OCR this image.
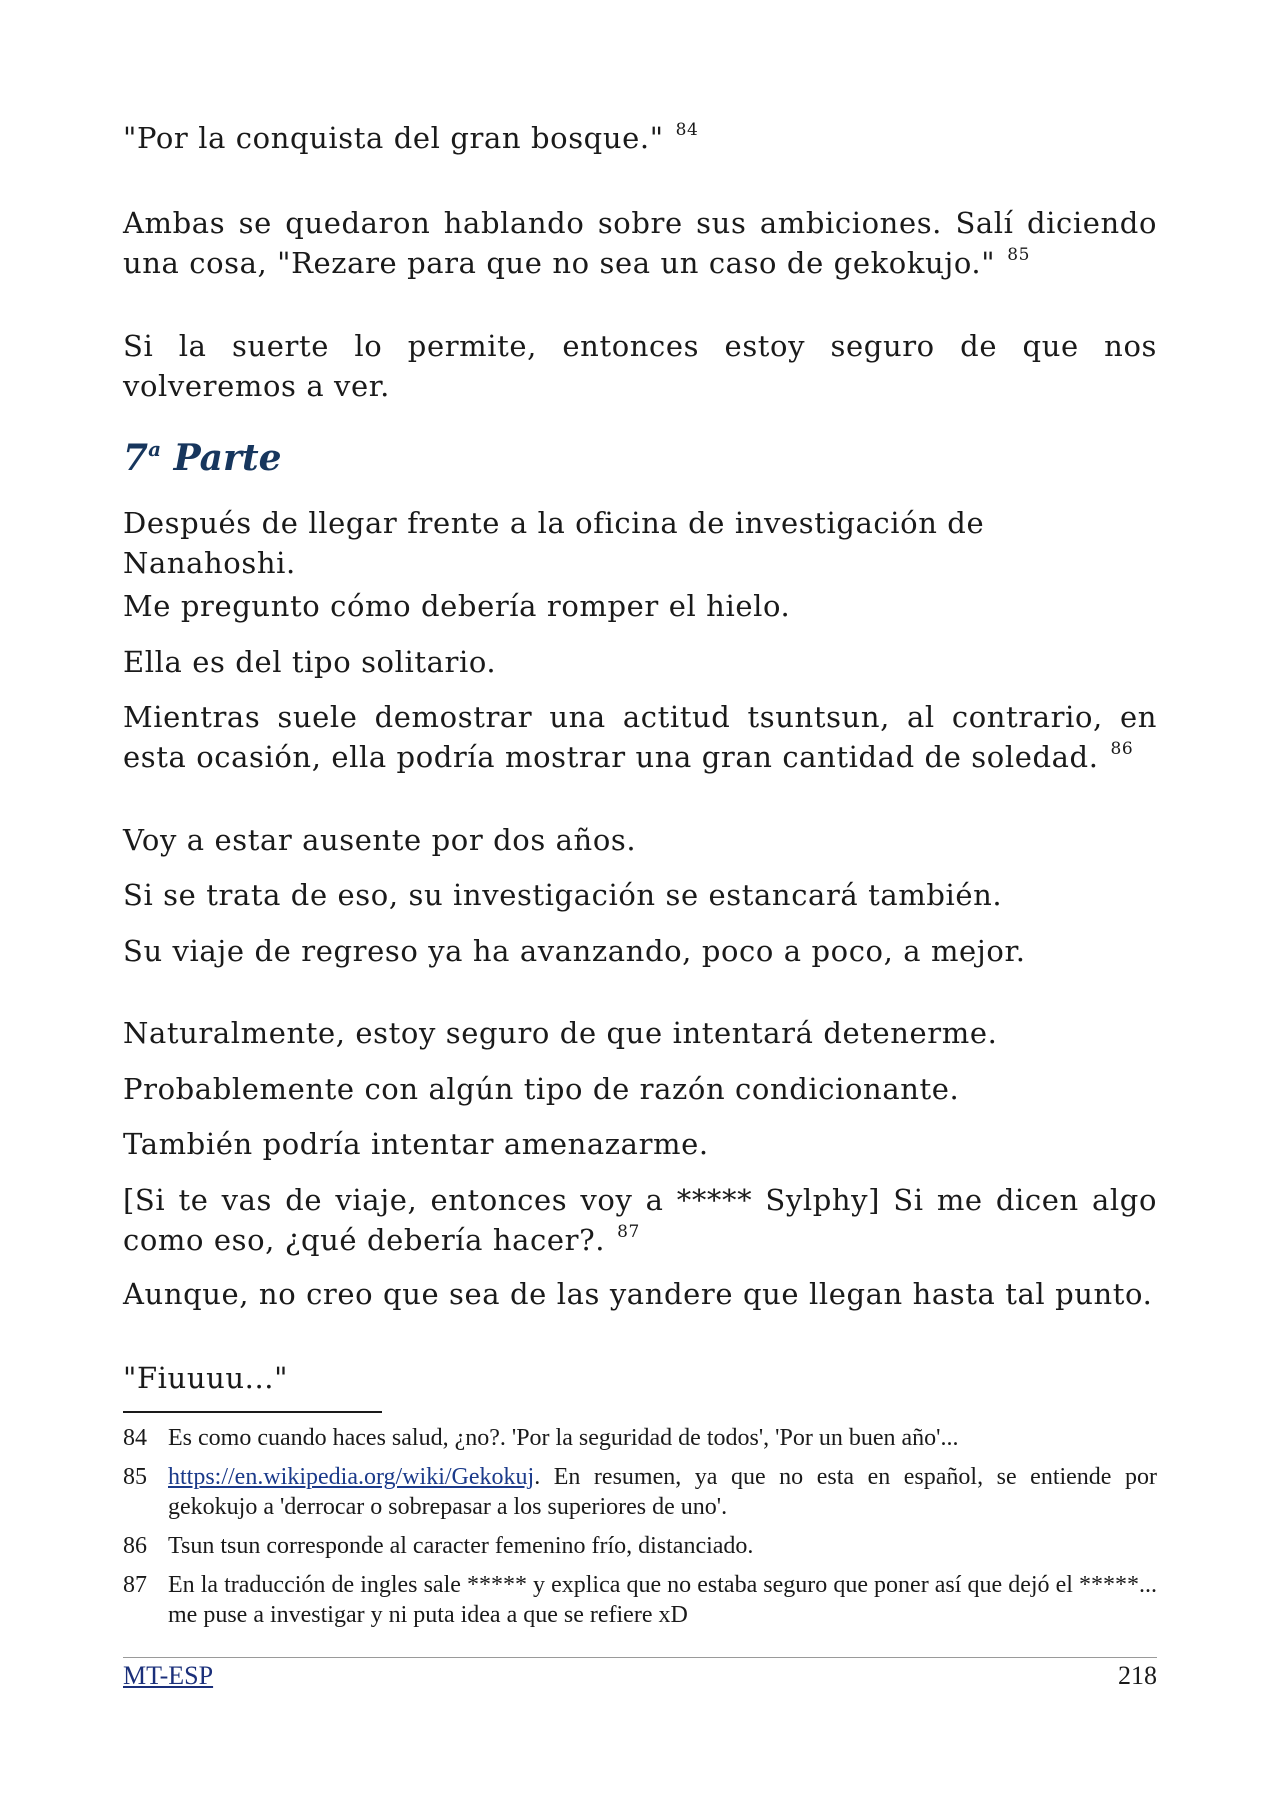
"Por la conquista del gran bosque." $^{84}$

Ambas se quedaron hablando sobre sus ambiciones. Salí diciendo una cosa, "Rezare para que no sea un caso de gekokujo." $^{85}$

Si la suerte lo permite, entonces estoy seguro de que nos volveremos a ver.

7$^a$ Parte

Después de llegar frente a la oficina de investigación de Nanahoshi.

Me pregunto cómo debería romper el hielo.

Ella es del tipo solitario.

Mientras suele demostrar una actitud tsuntsun, al contrario, en esta ocasión, ella podría mostrar una gran cantidad de soledad. $^{86}$

Voy a estar ausente por dos años.

Si se trata de eso, su investigación se estancará también.

Su viaje de regreso ya ha avanzando, poco a poco, a mejor.

Naturalmente, estoy seguro de que intentará detenerme.

Probablemente con algún tipo de razón condicionante.

También podría intentar amenazarme.

[Si te vas de viaje, entonces voy a ***** Sylphy] Si me dicen algo como eso, ¿qué debería hacer?. $^{87}$

Aunque, no creo que sea de las yandere que llegan hasta tal punto.

"Fiuuuu..."

84 Es como cuando haces salud, ¿no?. 'Por la seguridad de todos', 'Por un buen año'...
85 https://en.wikipedia.org/wiki/Gekokuj. En resumen, ya que no esta en español, se entiende por gekokujo a 'derrocar o sobrepasar a los superiores de uno'.
86 Tsun tsun corresponde al caracter femenino frío, distanciado.
87 En la traducción de ingles sale ***** y explica que no estaba seguro que poner así que dejó el *****... me puse a investigar y ni puta idea a que se refiere xD
MT-ESP	218
